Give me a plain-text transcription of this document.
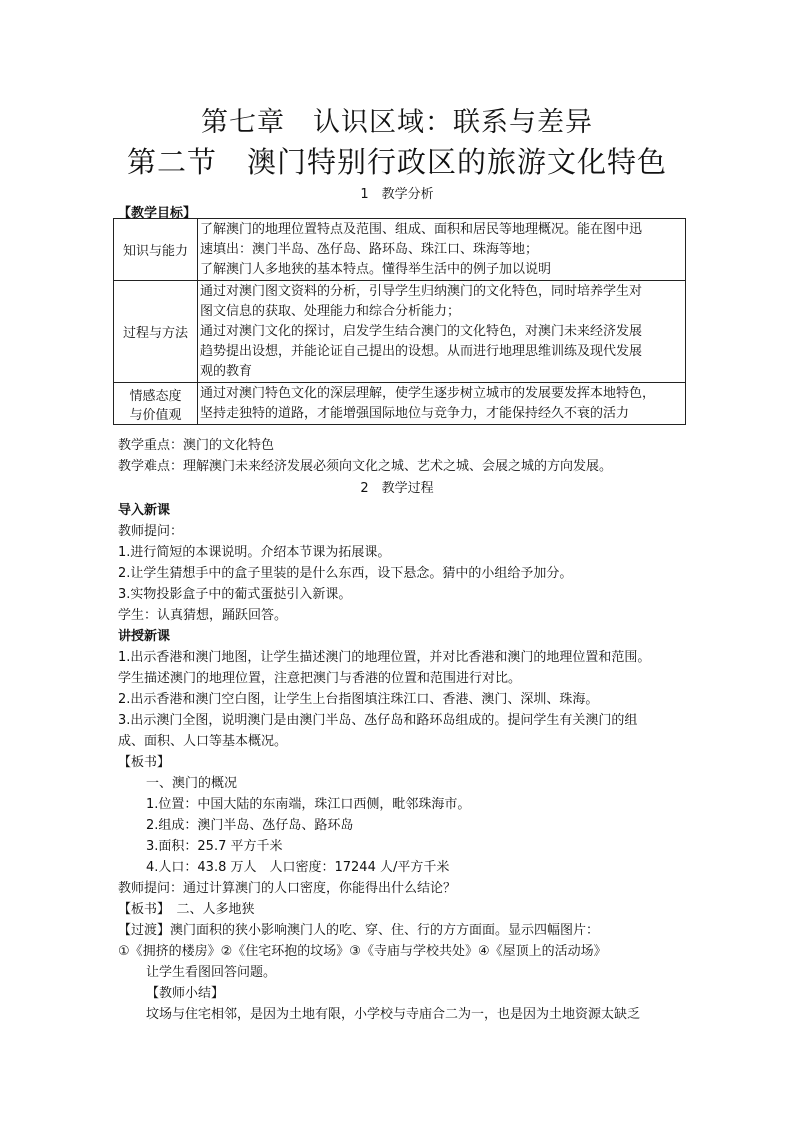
第七章　认识区域：联系与差异
第二节　澳门特别行政区的旅游文化特色
1　教学分析
【教学目标】
知识与能力	了解澳门的地理位置特点及范围、组成、面积和居民等地理概况。能在图中迅
速填出：澳门半岛、氹仔岛、路环岛、珠江口、珠海等地；
了解澳门人多地狭的基本特点。懂得举生活中的例子加以说明

过程与方法	通过对澳门图文资料的分析，引导学生归纳澳门的文化特色，同时培养学生对
图文信息的获取、处理能力和综合分析能力；
通过对澳门文化的探讨，启发学生结合澳门的文化特色，对澳门未来经济发展
趋势提出设想，并能论证自己提出的设想。从而进行地理思维训练及现代发展
观的教育

情感态度
与价值观	通过对澳门特色文化的深层理解，使学生逐步树立城市的发展要发挥本地特色，
坚持走独特的道路，才能增强国际地位与竞争力，才能保持经久不衰的活力
教学重点：澳门的文化特色
教学难点：理解澳门未来经济发展必须向文化之城、艺术之城、会展之城的方向发展。
2　教学过程
导入新课
教师提问：
1.进行简短的本课说明。介绍本节课为拓展课。
2.让学生猜想手中的盒子里装的是什么东西，设下悬念。猜中的小组给予加分。
3.实物投影盒子中的葡式蛋挞引入新课。
学生：认真猜想，踊跃回答。
讲授新课
1.出示香港和澳门地图，让学生描述澳门的地理位置，并对比香港和澳门的地理位置和范围。
学生描述澳门的地理位置，注意把澳门与香港的位置和范围进行对比。
2.出示香港和澳门空白图，让学生上台指图填注珠江口、香港、澳门、深圳、珠海。
3.出示澳门全图，说明澳门是由澳门半岛、氹仔岛和路环岛组成的。提问学生有关澳门的组
成、面积、人口等基本概况。
【板书】
一、澳门的概况
1.位置：中国大陆的东南端，珠江口西侧，毗邻珠海市。
2.组成：澳门半岛、氹仔岛、路环岛
3.面积：25.7 平方千米
4.人口：43.8 万人　人口密度：17244 人/平方千米
教师提问：通过计算澳门的人口密度，你能得出什么结论？
【板书】　二、人多地狭
【过渡】澳门面积的狭小影响澳门人的吃、穿、住、行的方方面面。显示四幅图片：
①《拥挤的楼房》②《住宅环抱的坟场》③《寺庙与学校共处》④《屋顶上的活动场》
让学生看图回答问题。
【教师小结】
坟场与住宅相邻，是因为土地有限，小学校与寺庙合二为一，也是因为土地资源太缺乏
